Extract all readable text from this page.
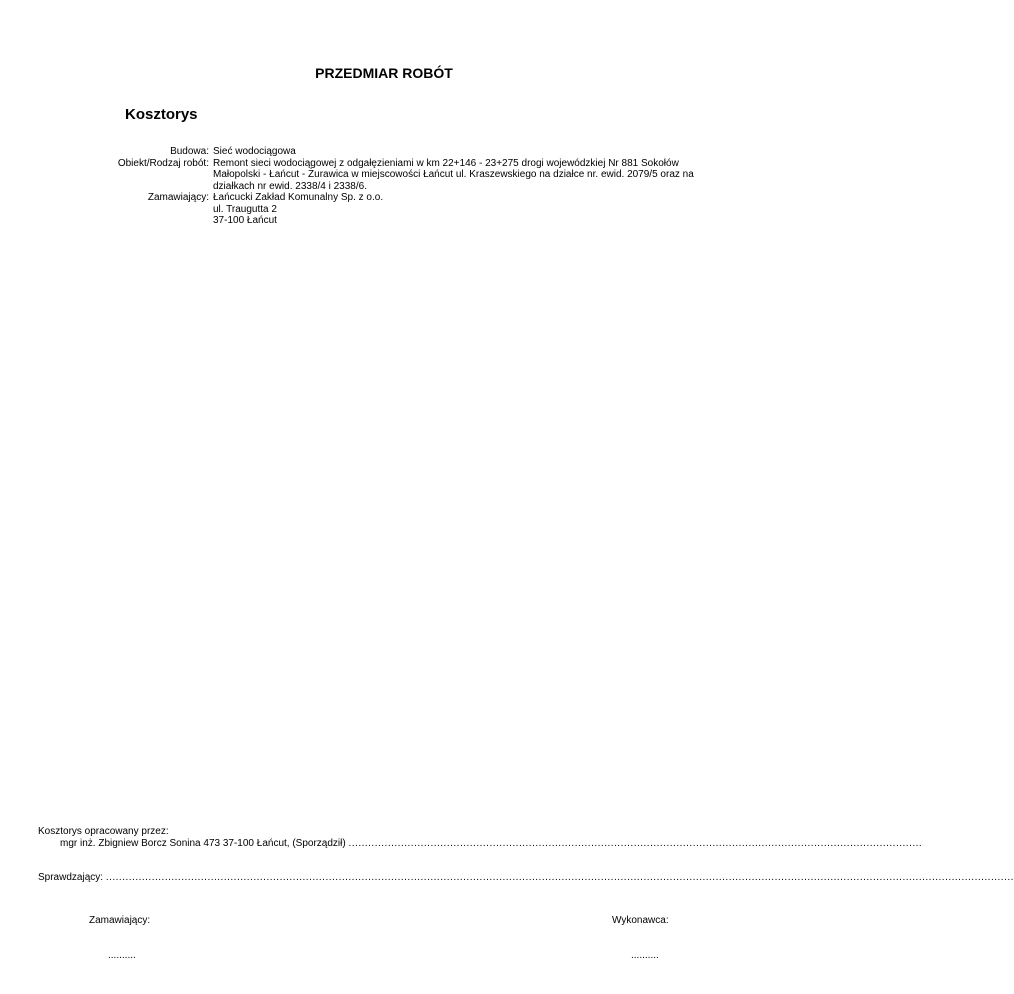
PRZEDMIAR ROBÓT
Kosztorys
Budowa: Sieć wodociągowa
Obiekt/Rodzaj robót: Remont sieci wodociągowej z odgałęzieniami w km 22+146 - 23+275 drogi wojewódzkiej Nr 881 Sokołów
Małopolski - Łańcut - Żurawica w miejscowości Łańcut ul. Kraszewskiego na działce nr. ewid. 2079/5 oraz na
działkach nr ewid. 2338/4 i 2338/6.
Zamawiający: Łańcucki Zakład Komunalny Sp. z o.o.
ul. Traugutta 2
37-100 Łańcut
Kosztorys opracowany przez:
mgr inż. Zbigniew Borcz Sonina 473 37-100 Łańcut, (Sporządził) ...............................................................................................................................................................................
Sprawdzający: .....................................................................................................................................................................................................................................................................................
Zamawiający:	Wykonawca:
..........	..........
